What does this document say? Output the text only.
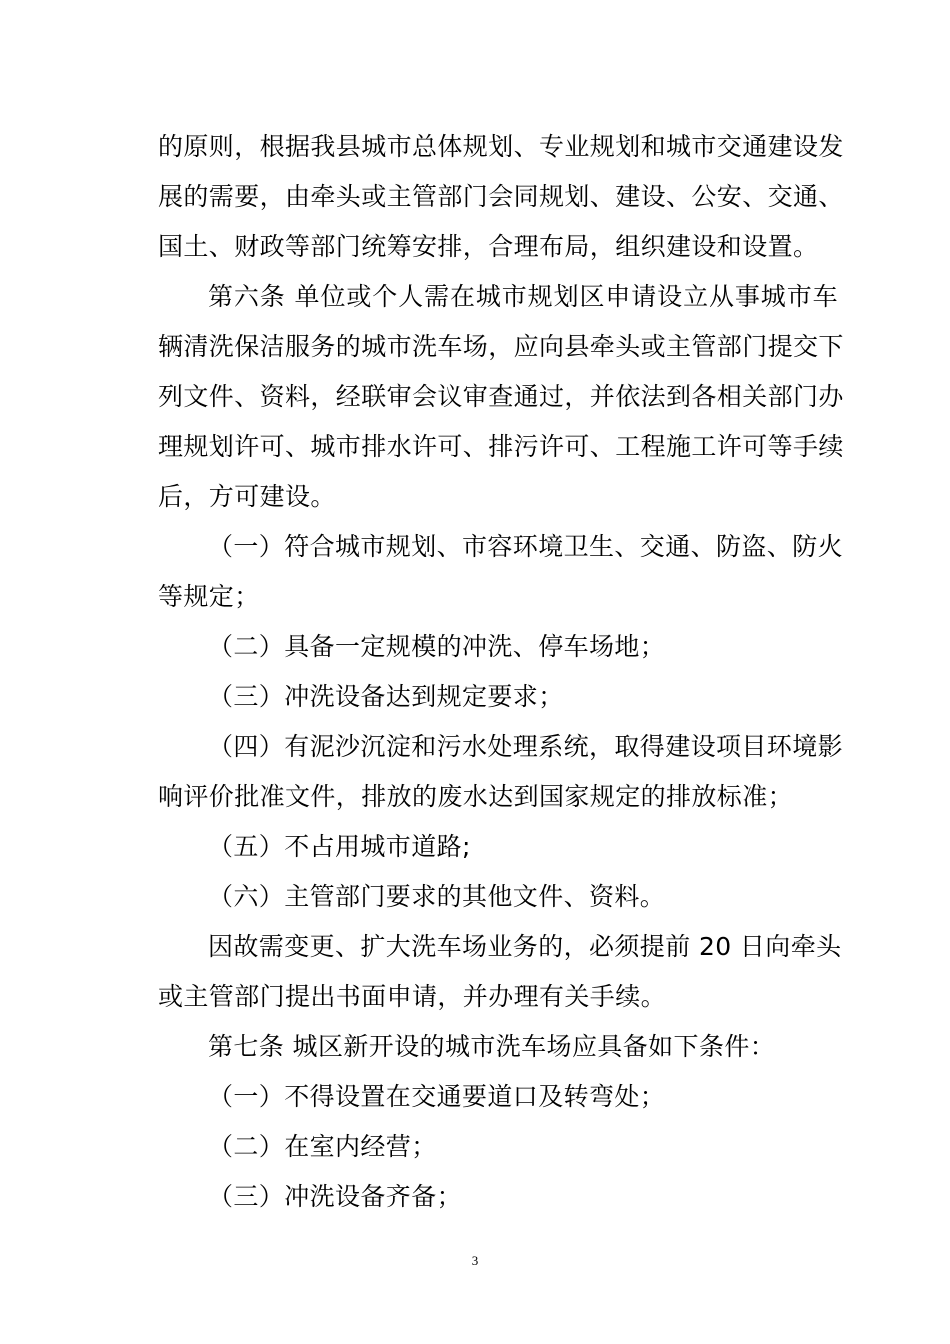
的原则，根据我县城市总体规划、专业规划和城市交通建设发
展的需要，由牵头或主管部门会同规划、建设、公安、交通、
国土、财政等部门统筹安排，合理布局，组织建设和设置。
第六条 单位或个人需在城市规划区申请设立从事城市车
辆清洗保洁服务的城市洗车场，应向县牵头或主管部门提交下
列文件、资料，经联审会议审查通过，并依法到各相关部门办
理规划许可、城市排水许可、排污许可、工程施工许可等手续
后，方可建设。
（一）符合城市规划、市容环境卫生、交通、防盗、防火
等规定；
（二）具备一定规模的冲洗、停车场地；
（三）冲洗设备达到规定要求；
（四）有泥沙沉淀和污水处理系统，取得建设项目环境影
响评价批准文件，排放的废水达到国家规定的排放标准；
（五）不占用城市道路;
（六）主管部门要求的其他文件、资料。
因故需变更、扩大洗车场业务的，必须提前 20 日向牵头
或主管部门提出书面申请，并办理有关手续。
第七条 城区新开设的城市洗车场应具备如下条件：
（一）不得设置在交通要道口及转弯处；
（二）在室内经营；
（三）冲洗设备齐备；
3
